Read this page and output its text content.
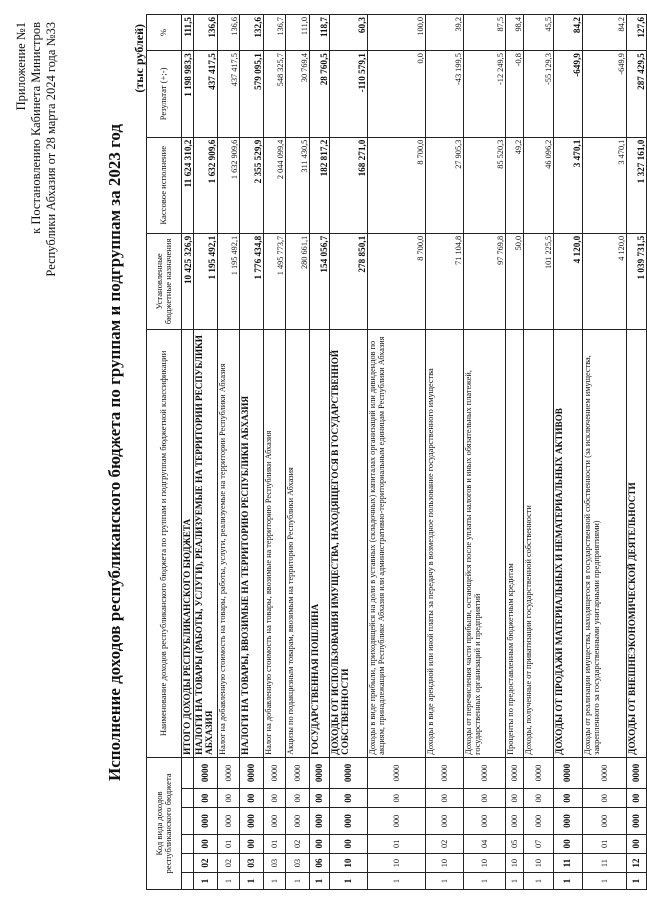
Приложение №1 к Постановлению Кабинета Министров Республики Абхазия от 28 марта 2024 года №33	Исполнение доходов республиканского бюджета по группам и подгруппам за 2023 год
(тыс рублей)
Код вида доходов республиканского бюджета						Наименование доходов республиканского бюджета по группам и подгруппам бюджетной классификации	Установленные бюджетные назначения	Кассовое исполнение	Результат (+;-)	%
						ИТОГО ДОХОДЫ РЕСПУБЛИКАНСКОГО БЮДЖЕТА	10 425 326,9	11 624 310,2	1 198 983,3	111,5
1	02	00	000	00	0000	НАЛОГИ НА ТОВАРЫ (РАБОТЫ, УСЛУГИ), РЕАЛИЗУЕМЫЕ НА ТЕРРИТОРИИ РЕСПУБЛИКИ АБХАЗИЯ	1 195 492,1	1 632 909,6	437 417,5	136,6
1	02	01	000	00	0000	Налог на добавленную стоимость на товары, работы, услуги, реализуемые на территории Республики Абхазия	1 195 492,1	1 632 909,6	437 417,5	136,6
1	03	00	000	00	0000	НАЛОГИ НА ТОВАРЫ, ВВОЗИМЫЕ НА ТЕРРИТОРИЮ РЕСПУБЛИКИ АБХАЗИЯ	1 776 434,8	2 355 529,9	579 095,1	132,6
1	03	01	000	00	0000	Налог на добавленную стоимость на товары, ввозимые на территорию Республики Абхазия	1 495 773,7	2 044 099,4	548 325,7	136,7
1	03	02	000	00	0000	Акцизы по подакцизным товарам, ввозимым на территорию Республики Абхазия	280 661,1	311 430,5	30 769,4	111,0
1	06	00	000	00	0000	ГОСУДАРСТВЕННАЯ ПОШЛИНА	154 056,7	182 817,2	28 760,5	118,7
1	10	00	000	00	0000	ДОХОДЫ ОТ ИСПОЛЬЗОВАНИЯ ИМУЩЕСТВА, НАХОДЯЩЕГОСЯ В ГОСУДАРСТВЕННОЙ СОБСТВЕННОСТИ	278 850,1	168 271,0	-110 579,1	60,3
1	10	01	000	00	0000	Доходы в виде прибыли, приходящейся на доли в уставных (складочных) капиталах организаций или дивидендов по акциям, принадлежащим Республике Абхазия или административно-территориальным единицам Республики Абхазия	8 700,0	8 700,0	0,0	100,0
1	10	02	000	00	0000	Доходы в виде арендной или иной платы за передачу в возмездное пользование государственного имущества	71 104,8	27 905,3	-43 199,5	39,2
1	10	04	000	00	0000	Доходы от перечисления части прибыли, остающейся после уплаты налогов и иных обязательных платежей, государственных организаций и предприятий	97 769,8	85 520,3	-12 249,5	87,5
1	10	05	000	00	0000	Проценты по предоставленным бюджетным кредитам	50,0	49,2	-0,8	98,4
1	10	07	000	00	0000	Доходы, полученные от приватизации государственной собственности	101 225,5	46 096,2	-55 129,3	45,5
1	11	00	000	00	0000	ДОХОДЫ ОТ ПРОДАЖИ МАТЕРИАЛЬНЫХ И НЕМАТЕРИАЛЬНЫХ АКТИВОВ	4 120,0	3 470,1	-649,9	84,2
1	11	01	000	00	0000	Доходы от реализации имущества, находящегося в государственной собственности (за исключением имущества, закрепленного за государственными унитарными предприятиями)	4 120,0	3 470,1	-649,9	84,2
1	12	00	000	00	0000	ДОХОДЫ ОТ ВНЕШНЕЭКОНОМИЧЕСКОЙ ДЕЯТЕЛЬНОСТИ	1 039 731,5	1 327 161,0	287 429,5	127,6
